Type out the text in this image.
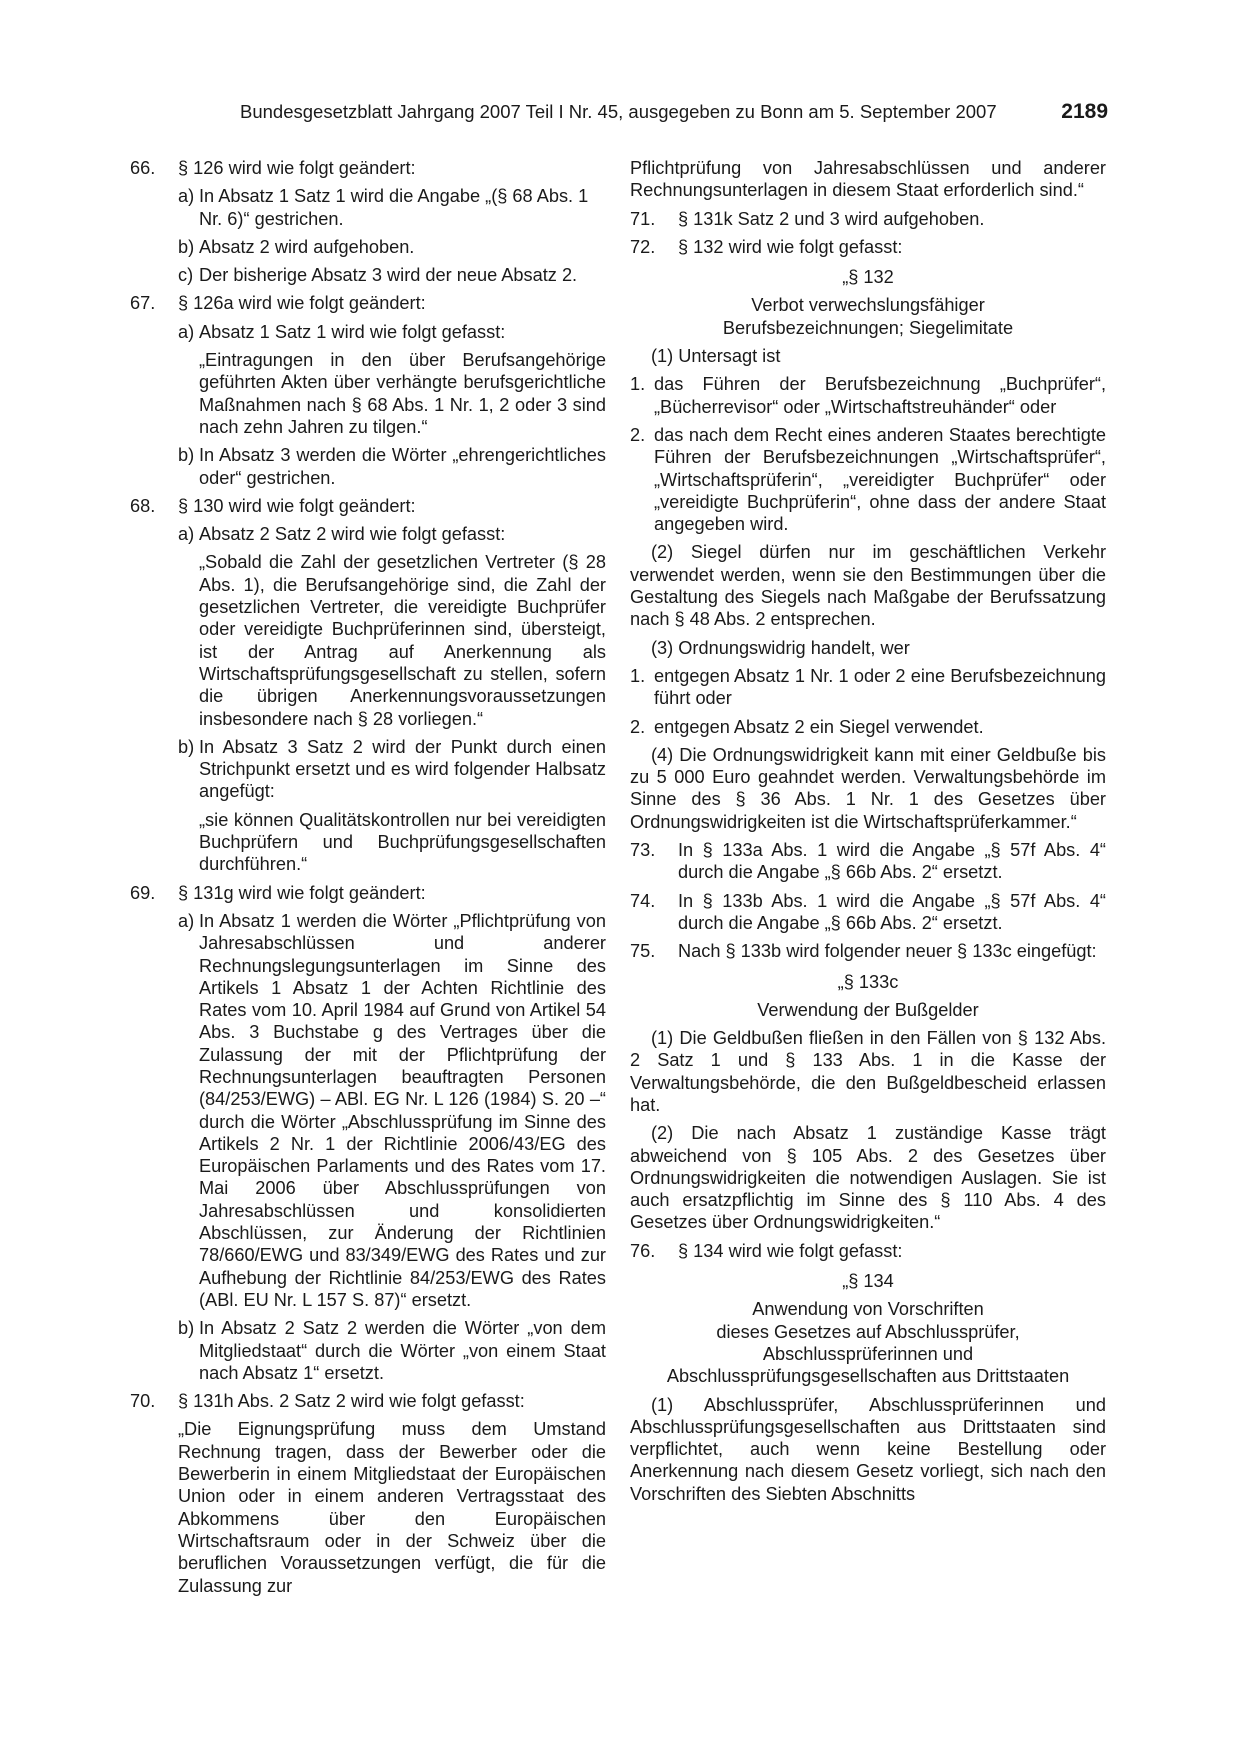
Bundesgesetzblatt Jahrgang 2007 Teil I Nr. 45, ausgegeben zu Bonn am 5. September 2007	2189
66. § 126 wird wie folgt geändert:
a) In Absatz 1 Satz 1 wird die Angabe „(§ 68 Abs. 1 Nr. 6)“ gestrichen.
b) Absatz 2 wird aufgehoben.
c) Der bisherige Absatz 3 wird der neue Absatz 2.
67. § 126a wird wie folgt geändert:
a) Absatz 1 Satz 1 wird wie folgt gefasst:
„Eintragungen in den über Berufsangehörige geführten Akten über verhängte berufsgerichtliche Maßnahmen nach § 68 Abs. 1 Nr. 1, 2 oder 3 sind nach zehn Jahren zu tilgen.“
b) In Absatz 3 werden die Wörter „ehrengerichtliches oder“ gestrichen.
68. § 130 wird wie folgt geändert:
a) Absatz 2 Satz 2 wird wie folgt gefasst:
„Sobald die Zahl der gesetzlichen Vertreter (§ 28 Abs. 1), die Berufsangehörige sind, die Zahl der gesetzlichen Vertreter, die vereidigte Buchprüfer oder vereidigte Buchprüferinnen sind, übersteigt, ist der Antrag auf Anerkennung als Wirtschaftsprüfungsgesellschaft zu stellen, sofern die übrigen Anerkennungsvoraussetzungen insbesondere nach § 28 vorliegen.“
b) In Absatz 3 Satz 2 wird der Punkt durch einen Strichpunkt ersetzt und es wird folgender Halbsatz angefügt:
„sie können Qualitätskontrollen nur bei vereidigten Buchprüfern und Buchprüfungsgesellschaften durchführen.“
69. § 131g wird wie folgt geändert:
a) In Absatz 1 werden die Wörter „Pflichtprüfung von Jahresabschlüssen und anderer Rechnungslegungsunterlagen im Sinne des Artikels 1 Absatz 1 der Achten Richtlinie des Rates vom 10. April 1984 auf Grund von Artikel 54 Abs. 3 Buchstabe g des Vertrages über die Zulassung der mit der Pflichtprüfung der Rechnungsunterlagen beauftragten Personen (84/253/EWG) – ABl. EG Nr. L 126 (1984) S. 20 –“ durch die Wörter „Abschlussprüfung im Sinne des Artikels 2 Nr. 1 der Richtlinie 2006/43/EG des Europäischen Parlaments und des Rates vom 17. Mai 2006 über Abschlussprüfungen von Jahresabschlüssen und konsolidierten Abschlüssen, zur Änderung der Richtlinien 78/660/EWG und 83/349/EWG des Rates und zur Aufhebung der Richtlinie 84/253/EWG des Rates (ABl. EU Nr. L 157 S. 87)“ ersetzt.
b) In Absatz 2 Satz 2 werden die Wörter „von dem Mitgliedstaat“ durch die Wörter „von einem Staat nach Absatz 1“ ersetzt.
70. § 131h Abs. 2 Satz 2 wird wie folgt gefasst:
„Die Eignungsprüfung muss dem Umstand Rechnung tragen, dass der Bewerber oder die Bewerberin in einem Mitgliedstaat der Europäischen Union oder in einem anderen Vertragsstaat des Abkommens über den Europäischen Wirtschaftsraum oder in der Schweiz über die beruflichen Voraussetzungen verfügt, die für die Zulassung zur
Pflichtprüfung von Jahresabschlüssen und anderer Rechnungsunterlagen in diesem Staat erforderlich sind.“
71. § 131k Satz 2 und 3 wird aufgehoben.
72. § 132 wird wie folgt gefasst:
„§ 132
Verbot verwechslungsfähiger Berufsbezeichnungen; Siegelimitate
(1) Untersagt ist
1. das Führen der Berufsbezeichnung „Buchprüfer“, „Bücherrevisor“ oder „Wirtschaftstreuhänder“ oder
2. das nach dem Recht eines anderen Staates berechtigte Führen der Berufsbezeichnungen „Wirtschaftsprüfer“, „Wirtschaftsprüferin“, „vereidigter Buchprüfer“ oder „vereidigte Buchprüferin“, ohne dass der andere Staat angegeben wird.
(2) Siegel dürfen nur im geschäftlichen Verkehr verwendet werden, wenn sie den Bestimmungen über die Gestaltung des Siegels nach Maßgabe der Berufssatzung nach § 48 Abs. 2 entsprechen.
(3) Ordnungswidrig handelt, wer
1. entgegen Absatz 1 Nr. 1 oder 2 eine Berufsbezeichnung führt oder
2. entgegen Absatz 2 ein Siegel verwendet.
(4) Die Ordnungswidrigkeit kann mit einer Geldbuße bis zu 5 000 Euro geahndet werden. Verwaltungsbehörde im Sinne des § 36 Abs. 1 Nr. 1 des Gesetzes über Ordnungswidrigkeiten ist die Wirtschaftsprüferkammer.“
73. In § 133a Abs. 1 wird die Angabe „§ 57f Abs. 4“ durch die Angabe „§ 66b Abs. 2“ ersetzt.
74. In § 133b Abs. 1 wird die Angabe „§ 57f Abs. 4“ durch die Angabe „§ 66b Abs. 2“ ersetzt.
75. Nach § 133b wird folgender neuer § 133c eingefügt:
„§ 133c
Verwendung der Bußgelder
(1) Die Geldbußen fließen in den Fällen von § 132 Abs. 2 Satz 1 und § 133 Abs. 1 in die Kasse der Verwaltungsbehörde, die den Bußgeldbescheid erlassen hat.
(2) Die nach Absatz 1 zuständige Kasse trägt abweichend von § 105 Abs. 2 des Gesetzes über Ordnungswidrigkeiten die notwendigen Auslagen. Sie ist auch ersatzpflichtig im Sinne des § 110 Abs. 4 des Gesetzes über Ordnungswidrigkeiten.“
76. § 134 wird wie folgt gefasst:
„§ 134
Anwendung von Vorschriften
dieses Gesetzes auf Abschlussprüfer,
Abschlussprüferinnen und
Abschlussprüfungsgesellschaften aus Drittstaaten
(1) Abschlussprüfer, Abschlussprüferinnen und Abschlussprüfungsgesellschaften aus Drittstaaten sind verpflichtet, auch wenn keine Bestellung oder Anerkennung nach diesem Gesetz vorliegt, sich nach den Vorschriften des Siebten Abschnitts
